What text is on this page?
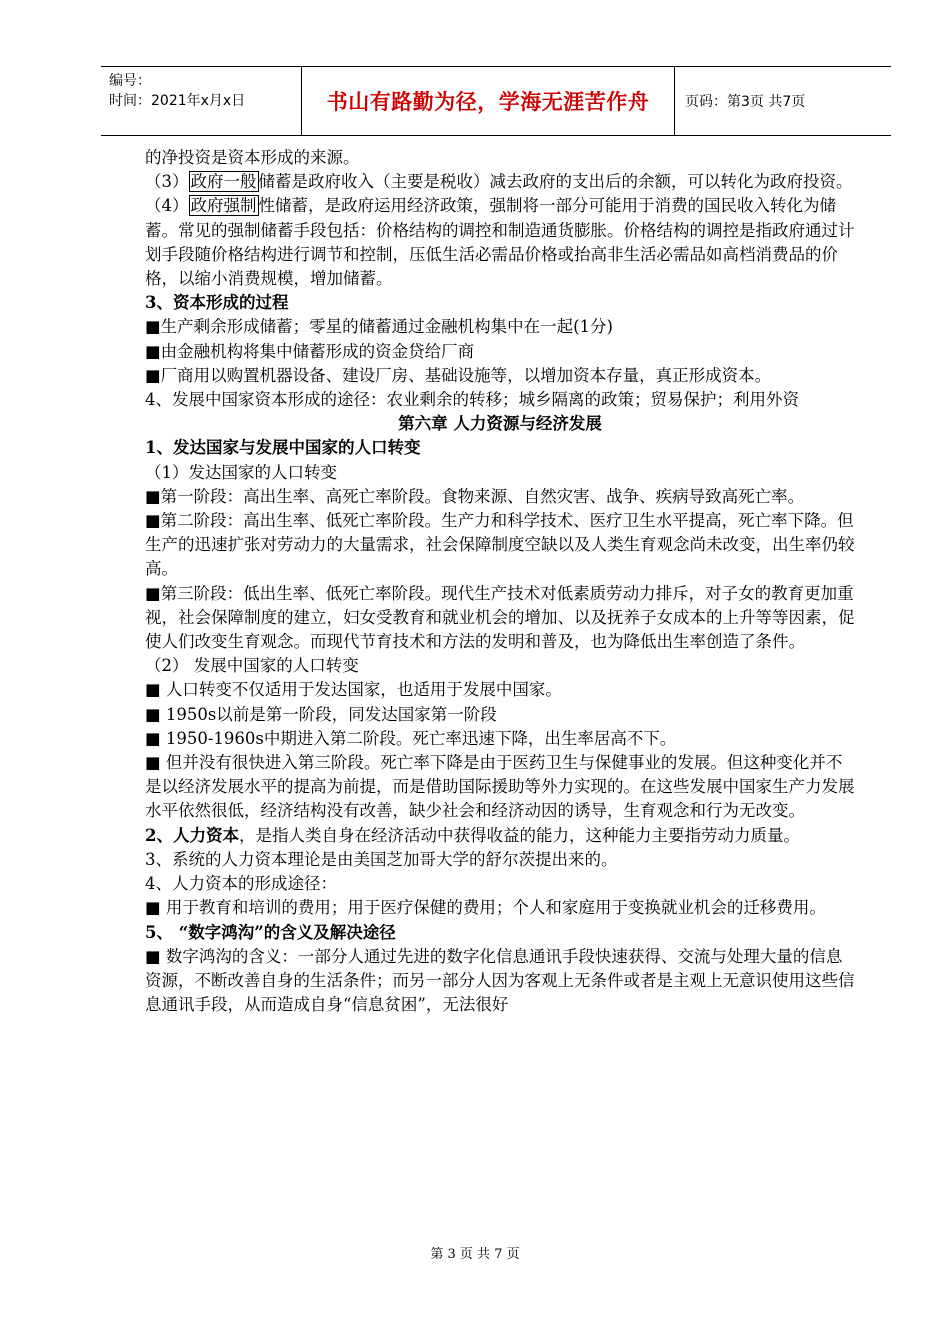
编号：
时间：2021年x月x日	书山有路勤为径，学海无涯苦作舟	页码：第3页 共7页

的净投资是资本形成的来源。

（3） 政府一般 储蓄是政府收入（主要是税收）减去政府的支出后的余额，可以转化为政府投资。

（4） 政府强制 性储蓄，是政府运用经济政策，强制将一部分可能用于消费的国民收入转化为储蓄。常见的强制储蓄手段包括：价格结构的调控和制造通货膨胀。价格结构的调控是指政府通过计划手段随价格结构进行调节和控制，压低生活必需品价格或抬高非生活必需品如高档消费品的价格，以缩小消费规模，增加储蓄。

3、资本形成的过程

■生产剩余形成储蓄；零星的储蓄通过金融机构集中在一起(1分)

■由金融机构将集中储蓄形成的资金贷给厂商

■厂商用以购置机器设备、建设厂房、基础设施等，以增加资本存量，真正形成资本。

4、发展中国家资本形成的途径：农业剩余的转移；城乡隔离的政策；贸易保护；利用外资

第六章 人力资源与经济发展

1、发达国家与发展中国家的人口转变

（1）发达国家的人口转变

■第一阶段：高出生率、高死亡率阶段。食物来源、自然灾害、战争、疾病导致高死亡率。

■第二阶段：高出生率、低死亡率阶段。生产力和科学技术、医疗卫生水平提高，死亡率下降。但生产的迅速扩张对劳动力的大量需求，社会保障制度空缺以及人类生育观念尚未改变，出生率仍较高。

■第三阶段：低出生率、低死亡率阶段。现代生产技术对低素质劳动力排斥，对子女的教育更加重视，社会保障制度的建立，妇女受教育和就业机会的增加、以及抚养子女成本的上升等等因素，促使人们改变生育观念。而现代节育技术和方法的发明和普及，也为降低出生率创造了条件。

（2） 发展中国家的人口转变

■ 人口转变不仅适用于发达国家，也适用于发展中国家。

■ 1950s以前是第一阶段，同发达国家第一阶段

■ 1950-1960s中期进入第二阶段。死亡率迅速下降，出生率居高不下。

■ 但并没有很快进入第三阶段。死亡率下降是由于医药卫生与保健事业的发展。但这种变化并不是以经济发展水平的提高为前提，而是借助国际援助等外力实现的。在这些发展中国家生产力发展水平依然很低，经济结构没有改善，缺少社会和经济动因的诱导，生育观念和行为无改变。

2、人力资本，是指人类自身在经济活动中获得收益的能力，这种能力主要指劳动力质量。

3、系统的人力资本理论是由美国芝加哥大学的舒尔茨提出来的。

4、人力资本的形成途径：

■ 用于教育和培训的费用；用于医疗保健的费用；个人和家庭用于变换就业机会的迁移费用。

5、 “数字鸿沟”的含义及解决途径

■ 数字鸿沟的含义：一部分人通过先进的数字化信息通讯手段快速获得、交流与处理大量的信息资源，不断改善自身的生活条件；而另一部分人因为客观上无条件或者是主观上无意识使用这些信息通讯手段，从而造成自身“信息贫困”，无法很好

第 3 页 共 7 页
